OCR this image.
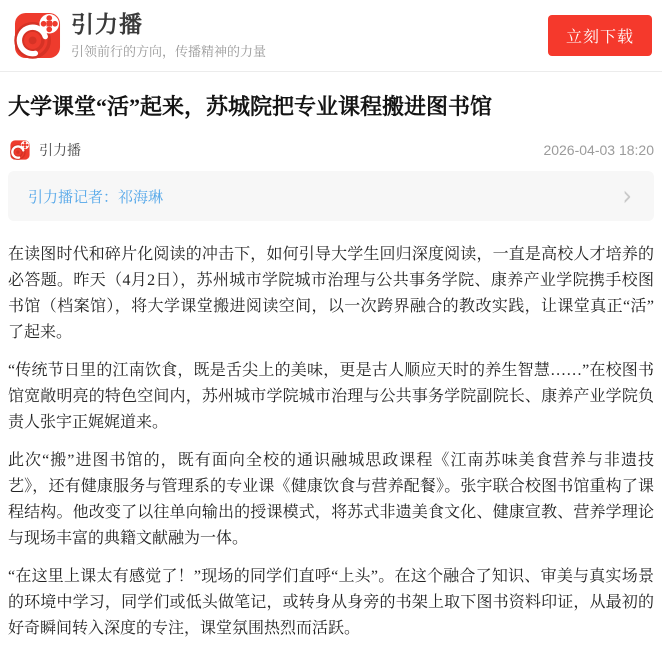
引力播
引领前行的方向，传播精神的力量
立刻下载
大学课堂“活”起来，苏城院把专业课程搬进图书馆
引力播	2026-04-03 18:20
引力播记者：祁海琳	›

在读图时代和碎片化阅读的冲击下，如何引导大学生回归深度阅读，一直是高校人才培养的必答题。昨天（4月2日），苏州城市学院城市治理与公共事务学院、康养产业学院携手校图书馆（档案馆），将大学课堂搬进阅读空间，以一次跨界融合的教改实践，让课堂真正“活”了起来。

“传统节日里的江南饮食，既是舌尖上的美味，更是古人顺应天时的养生智慧……”在校图书馆宽敞明亮的特色空间内，苏州城市学院城市治理与公共事务学院副院长、康养产业学院负责人张宇正娓娓道来。

此次“搬”进图书馆的，既有面向全校的通识融城思政课程《江南苏味美食营养与非遗技艺》，还有健康服务与管理系的专业课《健康饮食与营养配餐》。张宇联合校图书馆重构了课程结构。他改变了以往单向输出的授课模式，将苏式非遗美食文化、健康宣教、营养学理论与现场丰富的典籍文献融为一体。

“在这里上课太有感觉了！”现场的同学们直呼“上头”。在这个融合了知识、审美与真实场景的环境中学习，同学们或低头做笔记，或转身从身旁的书架上取下图书资料印证，从最初的好奇瞬间转入深度的专注，课堂氛围热烈而活跃。
